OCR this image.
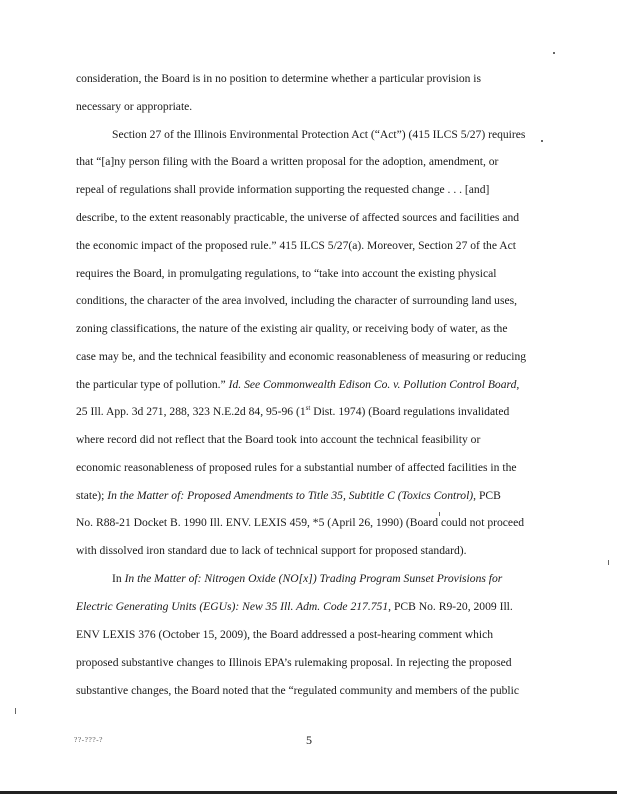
consideration, the Board is in no position to determine whether a particular provision is
necessary or appropriate.
Section 27 of the Illinois Environmental Protection Act (“Act”) (415 ILCS 5/27) requires
that “[a]ny person filing with the Board a written proposal for the adoption, amendment, or
repeal of regulations shall provide information supporting the requested change . . . [and]
describe, to the extent reasonably practicable, the universe of affected sources and facilities and
the economic impact of the proposed rule.” 415 ILCS 5/27(a). Moreover, Section 27 of the Act
requires the Board, in promulgating regulations, to “take into account the existing physical
conditions, the character of the area involved, including the character of surrounding land uses,
zoning classifications, the nature of the existing air quality, or receiving body of water, as the
case may be, and the technical feasibility and economic reasonableness of measuring or reducing
the particular type of pollution.” Id. See Commonwealth Edison Co. v. Pollution Control Board,
25 Ill. App. 3d 271, 288, 323 N.E.2d 84, 95-96 (1st Dist. 1974) (Board regulations invalidated
where record did not reflect that the Board took into account the technical feasibility or
economic reasonableness of proposed rules for a substantial number of affected facilities in the
state); In the Matter of: Proposed Amendments to Title 35, Subtitle C (Toxics Control), PCB
No. R88-21 Docket B. 1990 Ill. ENV. LEXIS 459, *5 (April 26, 1990) (Board could not proceed
with dissolved iron standard due to lack of technical support for proposed standard).
In In the Matter of: Nitrogen Oxide (NO[x]) Trading Program Sunset Provisions for
Electric Generating Units (EGUs): New 35 Ill. Adm. Code 217.751, PCB No. R9-20, 2009 Ill.
ENV LEXIS 376 (October 15, 2009), the Board addressed a post-hearing comment which
proposed substantive changes to Illinois EPA’s rulemaking proposal. In rejecting the proposed
substantive changes, the Board noted that the “regulated community and members of the public
??-???-?	5
